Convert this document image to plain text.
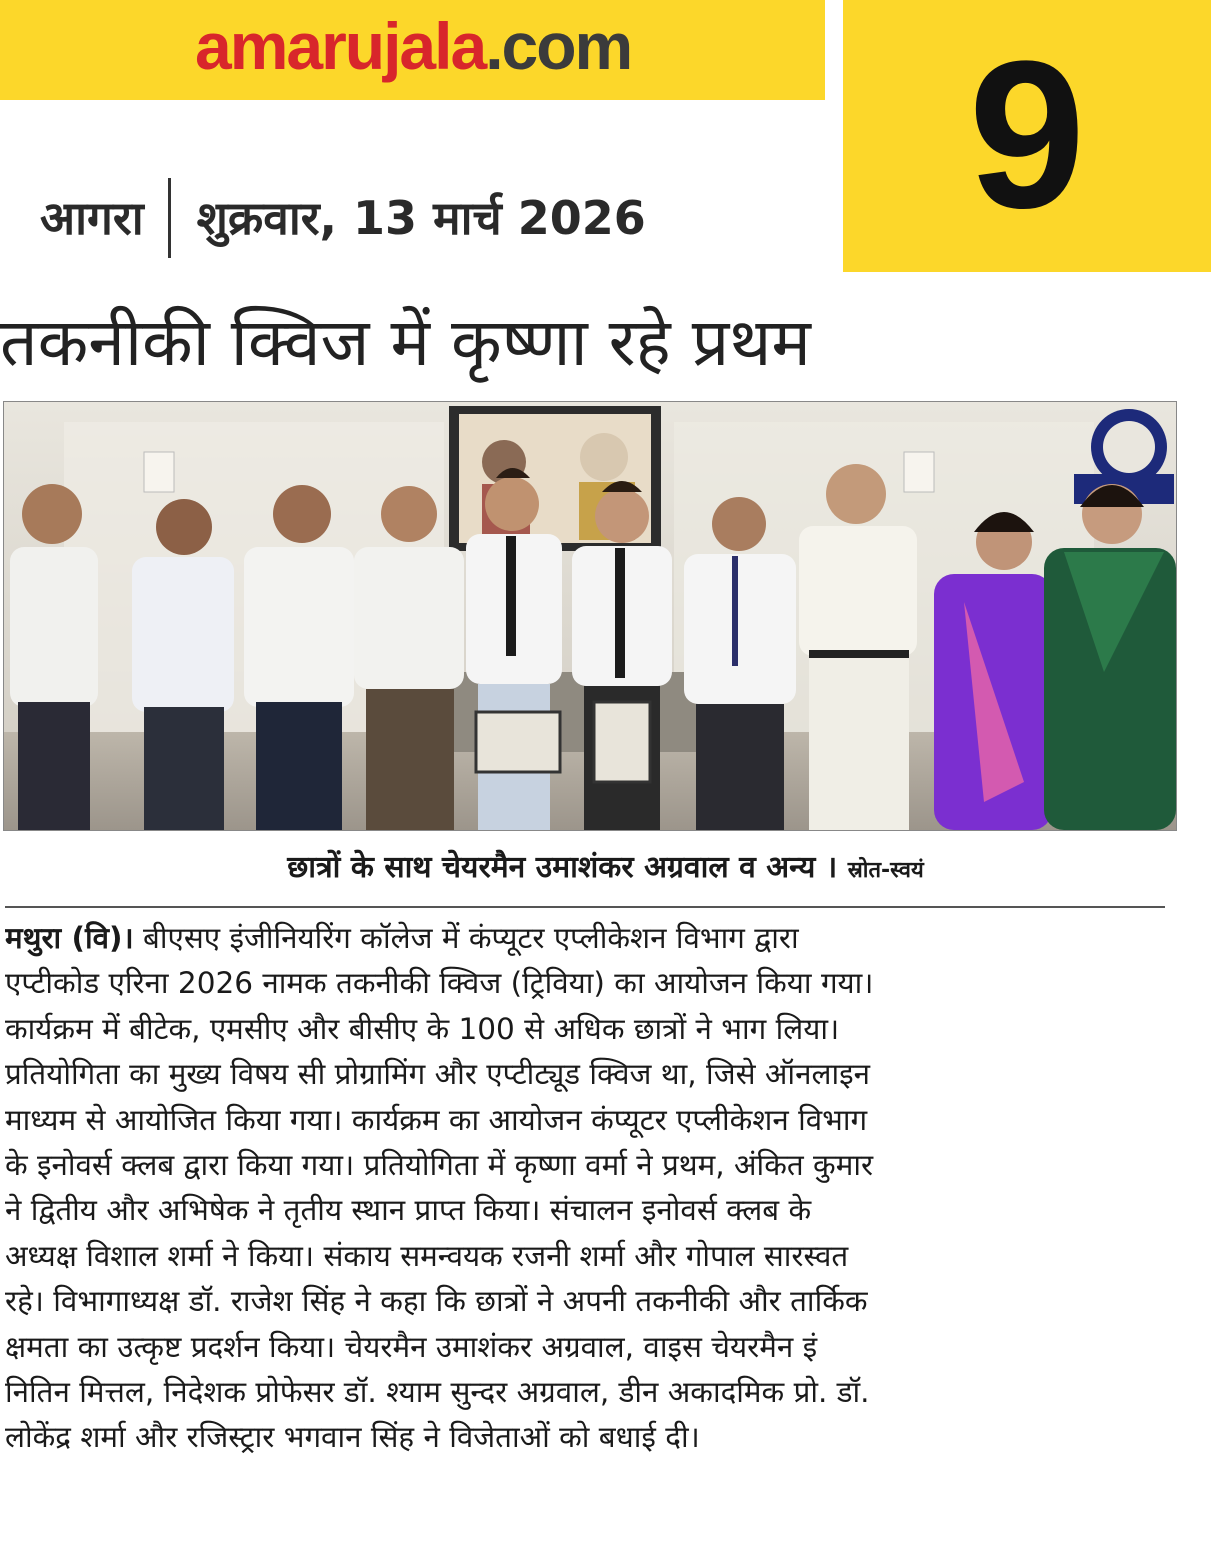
amarujala.com	9
आगरा शुक्रवार, 13 मार्च 2026
तकनीकी क्विज में कृष्णा रहे प्रथम
छात्रों के साथ चेयरमैन उमाशंकर अग्रवाल व अन्य । स्रोत-स्वयं
मथुरा (वि)। बीएसए इंजीनियरिंग कॉलेज में कंप्यूटर एप्लीकेशन विभाग द्वारा
एप्टीकोड एरिना 2026 नामक तकनीकी क्विज (ट्रिविया) का आयोजन किया गया।
कार्यक्रम में बीटेक, एमसीए और बीसीए के 100 से अधिक छात्रों ने भाग लिया।
प्रतियोगिता का मुख्य विषय सी प्रोग्रामिंग और एप्टीट्यूड क्विज था, जिसे ऑनलाइन
माध्यम से आयोजित किया गया। कार्यक्रम का आयोजन कंप्यूटर एप्लीकेशन विभाग
के इनोवर्स क्लब द्वारा किया गया। प्रतियोगिता में कृष्णा वर्मा ने प्रथम, अंकित कुमार
ने द्वितीय और अभिषेक ने तृतीय स्थान प्राप्त किया। संचालन इनोवर्स क्लब के
अध्यक्ष विशाल शर्मा ने किया। संकाय समन्वयक रजनी शर्मा और गोपाल सारस्वत
रहे। विभागाध्यक्ष डॉ. राजेश सिंह ने कहा कि छात्रों ने अपनी तकनीकी और तार्किक
क्षमता का उत्कृष्ट प्रदर्शन किया। चेयरमैन उमाशंकर अग्रवाल, वाइस चेयरमैन इं
नितिन मित्तल, निदेशक प्रोफेसर डॉ. श्याम सुन्दर अग्रवाल, डीन अकादमिक प्रो. डॉ.
लोकेंद्र शर्मा और रजिस्ट्रार भगवान सिंह ने विजेताओं को बधाई दी।
